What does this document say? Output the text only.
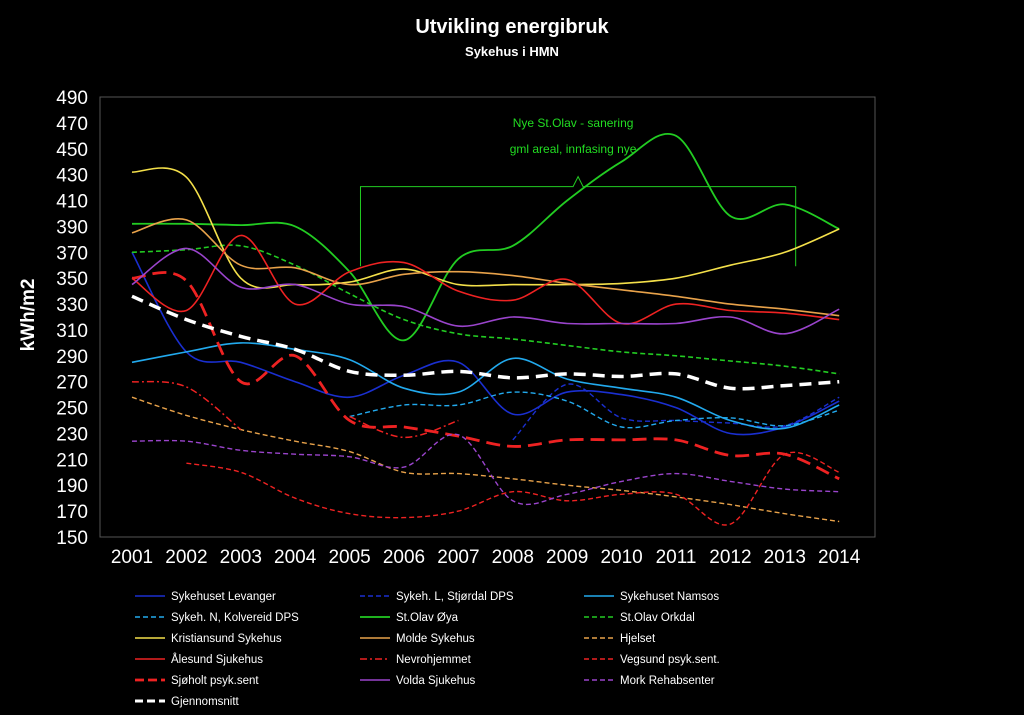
Utvikling energibruk
Sykehus i HMN
kWh/m2
Nye St.Olav - sanering
gml areal, innfasing nye
150
170
190
210
230
250
270
290
310
330
350
370
390
410
430
450
470
490
2001 2002 2003 2004 2005 2006 2007 2008 2009 2010 2011 2012 2013 2014
Sykehuset Levanger	Sykeh. L, Stjørdal DPS	Sykehuset Namsos
Sykeh. N, Kolvereid DPS	St.Olav Øya	St.Olav Orkdal
Kristiansund Sykehus	Molde Sykehus	Hjelset
Ålesund Sjukehus	Nevrohjemmet	Vegsund psyk.sent.
Sjøholt psyk.sent	Volda Sjukehus	Mork Rehabsenter
Gjennomsnitt
